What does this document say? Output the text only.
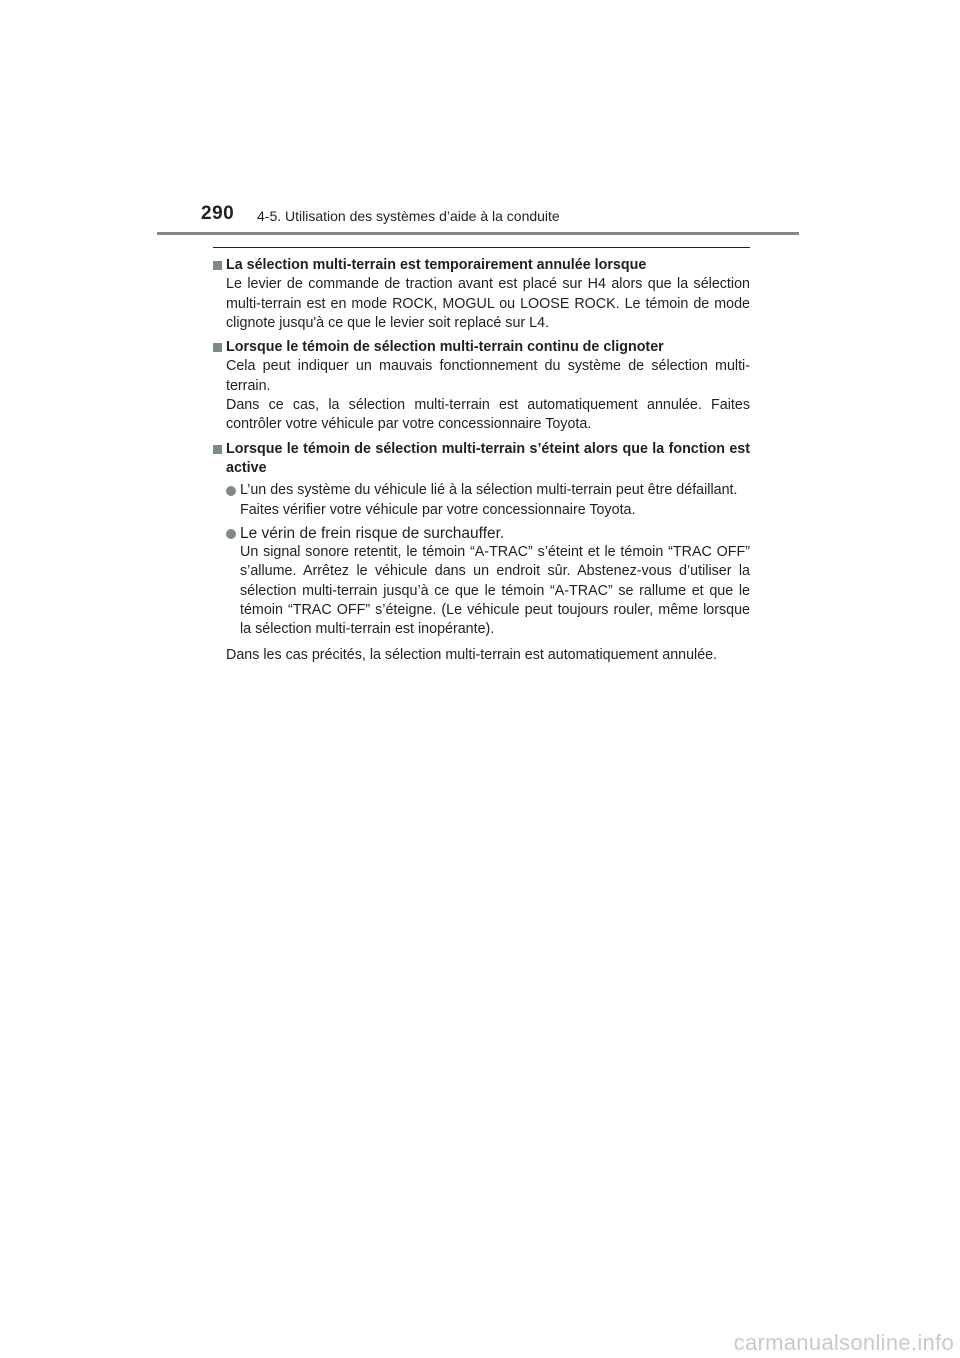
290 4-5. Utilisation des systèmes d’aide à la conduite
La sélection multi-terrain est temporairement annulée lorsque
Le levier de commande de traction avant est placé sur H4 alors que la sélection multi-terrain est en mode ROCK, MOGUL ou LOOSE ROCK. Le témoin de mode clignote jusqu'à ce que le levier soit replacé sur L4.
Lorsque le témoin de sélection multi-terrain continu de clignoter
Cela peut indiquer un mauvais fonctionnement du système de sélection multi-terrain.
Dans ce cas, la sélection multi-terrain est automatiquement annulée. Faites contrôler votre véhicule par votre concessionnaire Toyota.
Lorsque le témoin de sélection multi-terrain s’éteint alors que la fonction est active
L’un des système du véhicule lié à la sélection multi-terrain peut être défaillant.
Faites vérifier votre véhicule par votre concessionnaire Toyota.
Le vérin de frein risque de surchauffer.
Un signal sonore retentit, le témoin “A-TRAC” s’éteint et le témoin “TRAC OFF” s’allume. Arrêtez le véhicule dans un endroit sûr. Abstenez-vous d’utiliser la sélection multi-terrain jusqu’à ce que le témoin “A-TRAC” se rallume et que le témoin “TRAC OFF” s’éteigne. (Le véhicule peut toujours rouler, même lorsque la sélection multi-terrain est inopérante).
Dans les cas précités, la sélection multi-terrain est automatiquement annulée.
carmanualsonline.info
